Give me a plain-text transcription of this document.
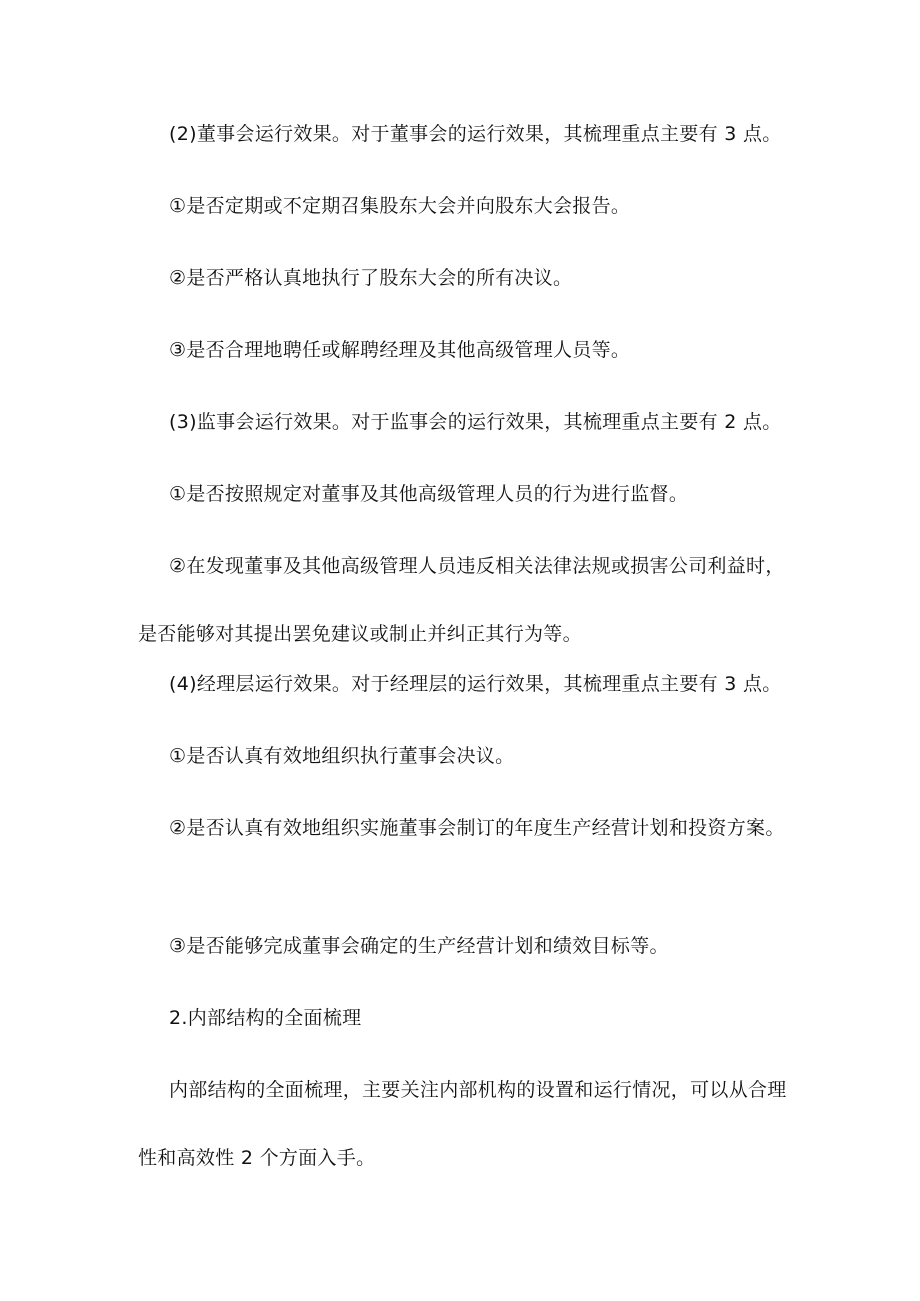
(2)董事会运行效果。对于董事会的运行效果，其梳理重点主要有 3 点。

①是否定期或不定期召集股东大会并向股东大会报告。

②是否严格认真地执行了股东大会的所有决议。

③是否合理地聘任或解聘经理及其他高级管理人员等。

(3)监事会运行效果。对于监事会的运行效果，其梳理重点主要有 2 点。

①是否按照规定对董事及其他高级管理人员的行为进行监督。

②在发现董事及其他高级管理人员违反相关法律法规或损害公司利益时，是否能够对其提出罢免建议或制止并纠正其行为等。

(4)经理层运行效果。对于经理层的运行效果，其梳理重点主要有 3 点。

①是否认真有效地组织执行董事会决议。

②是否认真有效地组织实施董事会制订的年度生产经营计划和投资方案。

③是否能够完成董事会确定的生产经营计划和绩效目标等。

2.内部结构的全面梳理

内部结构的全面梳理，主要关注内部机构的设置和运行情况，可以从合理性和高效性 2 个方面入手。
